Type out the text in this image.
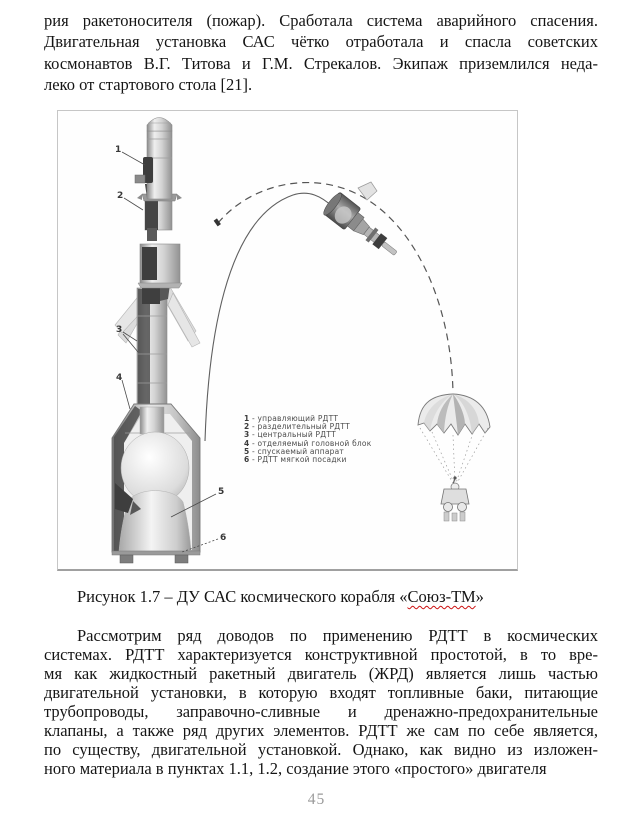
рия ракетоносителя (пожар). Сработала система аварийного спасения.
Двигательная установка САС чётко отработала и спасла советских
космонавтов В.Г. Титова и Г.М. Стрекалов. Экипаж приземлился неда-
леко от стартового стола [21].
1
2
3
4
5
6
1 - управляющий РДТТ
2 - разделительный РДТТ
3 - центральный РДТТ
4 - отделяемый головной блок
5 - спускаемый аппарат
6 - РДТТ мягкой посадки
Рисунок 1.7 – ДУ САС космического корабля «Союз-ТМ»
Рассмотрим ряд доводов по применению РДТТ в космических
системах. РДТТ характеризуется конструктивной простотой, в то вре-
мя как жидкостный ракетный двигатель (ЖРД) является лишь частью
двигательной установки, в которую входят топливные баки, питающие
трубопроводы, заправочно-сливные и дренажно-предохранительные
клапаны, а также ряд других элементов. РДТТ же сам по себе является,
по существу, двигательной установкой. Однако, как видно из изложен-
ного материала в пунктах 1.1, 1.2, создание этого «простого» двигателя
45
